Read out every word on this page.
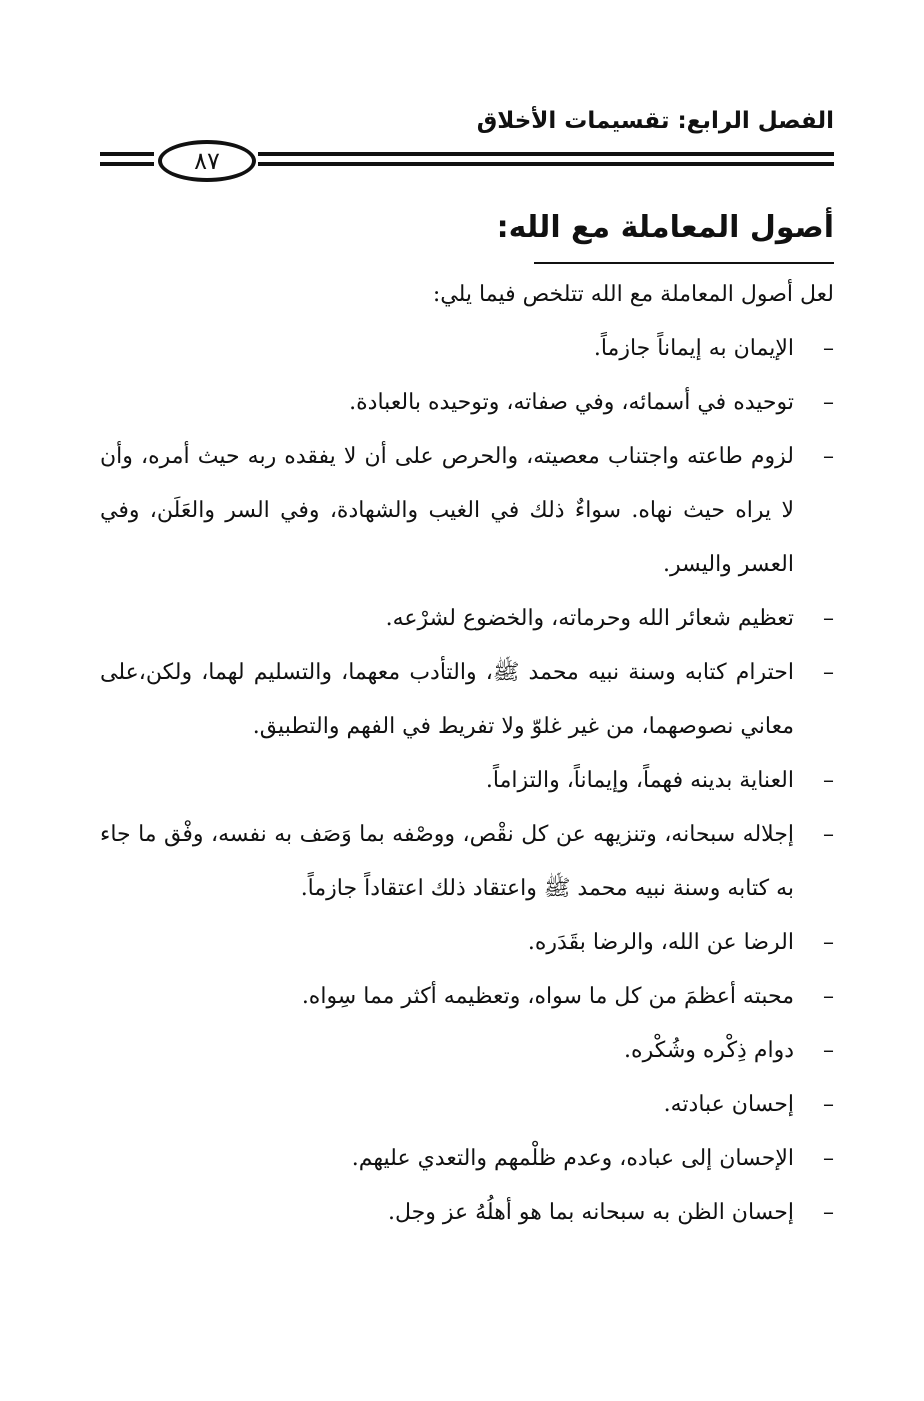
الفصل الرابع: تقسيمات الأخلاق
٨٧
أصول المعاملة مع الله:

لعل أصول المعاملة مع الله تتلخص فيما يلي:

–
الإيمان به إيماناً جازماً.
–
توحيده في أسمائه، وفي صفاته، وتوحيده بالعبادة.
–
لزوم طاعته واجتناب معصيته، والحرص على أن لا يفقده ربه حيث أمره، وأن لا يراه حيث نهاه. سواءٌ ذلك في الغيب والشهادة، وفي السر والعَلَن، وفي العسر واليسر.
–
تعظيم شعائر الله وحرماته، والخضوع لشرْعه.
–
احترام كتابه وسنة نبيه محمد ﷺ، والتأدب معهما، والتسليم لهما، ولكن،على معاني نصوصهما، من غير غلوّ ولا تفريط في الفهم والتطبيق.
–
العناية بدينه فهماً، وإيماناً، والتزاماً.
–
إجلاله سبحانه، وتنزيهه عن كل نقْص، ووصْفه بما وَصَف به نفسه، وفْق ما جاء به كتابه وسنة نبيه محمد ﷺ واعتقاد ذلك اعتقاداً جازماً.
–
الرضا عن الله، والرضا بقَدَره.
–
محبته أعظمَ من كل ما سواه، وتعظيمه أكثر مما سِواه.
–
دوام ذِكْره وشُكْره.
–
إحسان عبادته.
–
الإحسان إلى عباده، وعدم ظلْمهم والتعدي عليهم.
–
إحسان الظن به سبحانه بما هو أهلُهُ عز وجل.
